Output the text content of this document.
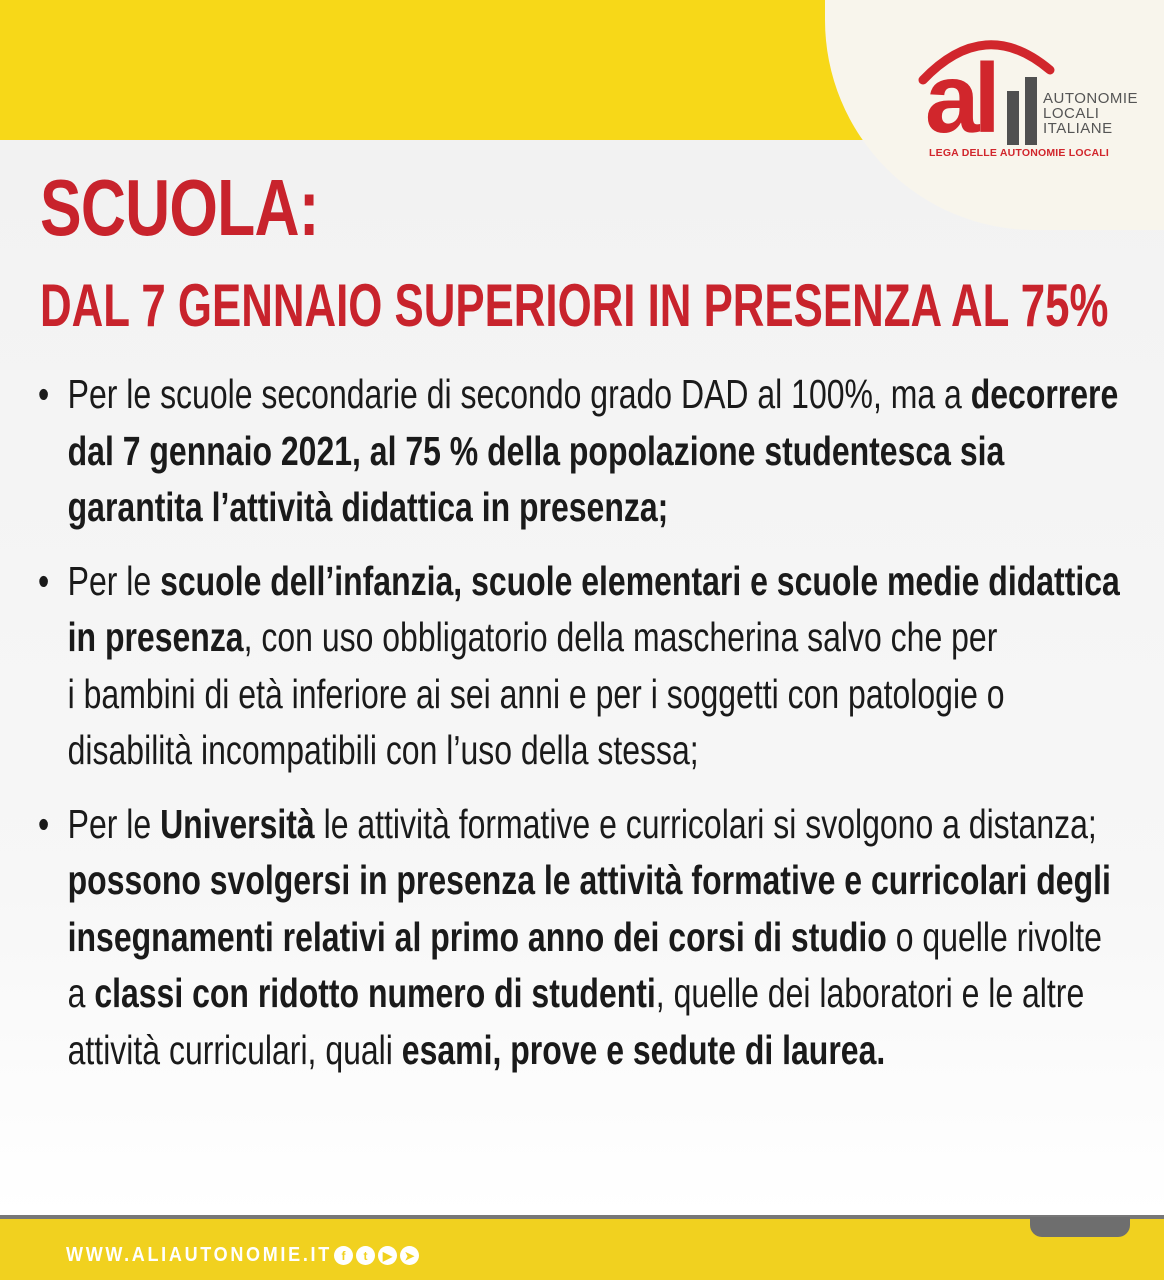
al	AUTONOMIE
LOCALI
ITALIANE
LEGA DELLE AUTONOMIE LOCALI
SCUOLA:
DAL 7 GENNAIO SUPERIORI IN PRESENZA AL 75%
• Per le scuole secondarie di secondo grado DAD al 100%, ma a decorrere
dal 7 gennaio 2021, al 75 % della popolazione studentesca sia
garantita l’attività didattica in presenza;
• Per le scuole dell’infanzia, scuole elementari e scuole medie didattica
in presenza, con uso obbligatorio della mascherina salvo che per
i bambini di età inferiore ai sei anni e per i soggetti con patologie o
disabilità incompatibili con l’uso della stessa;
• Per le Università le attività formative e curricolari si svolgono a distanza;
possono svolgersi in presenza le attività formative e curricolari degli
insegnamenti relativi al primo anno dei corsi di studio o quelle rivolte
a classi con ridotto numero di studenti, quelle dei laboratori e le altre
attività curriculari, quali esami, prove e sedute di laurea.
WWW.ALIAUTONOMIE.IT f	t	▶	➤
